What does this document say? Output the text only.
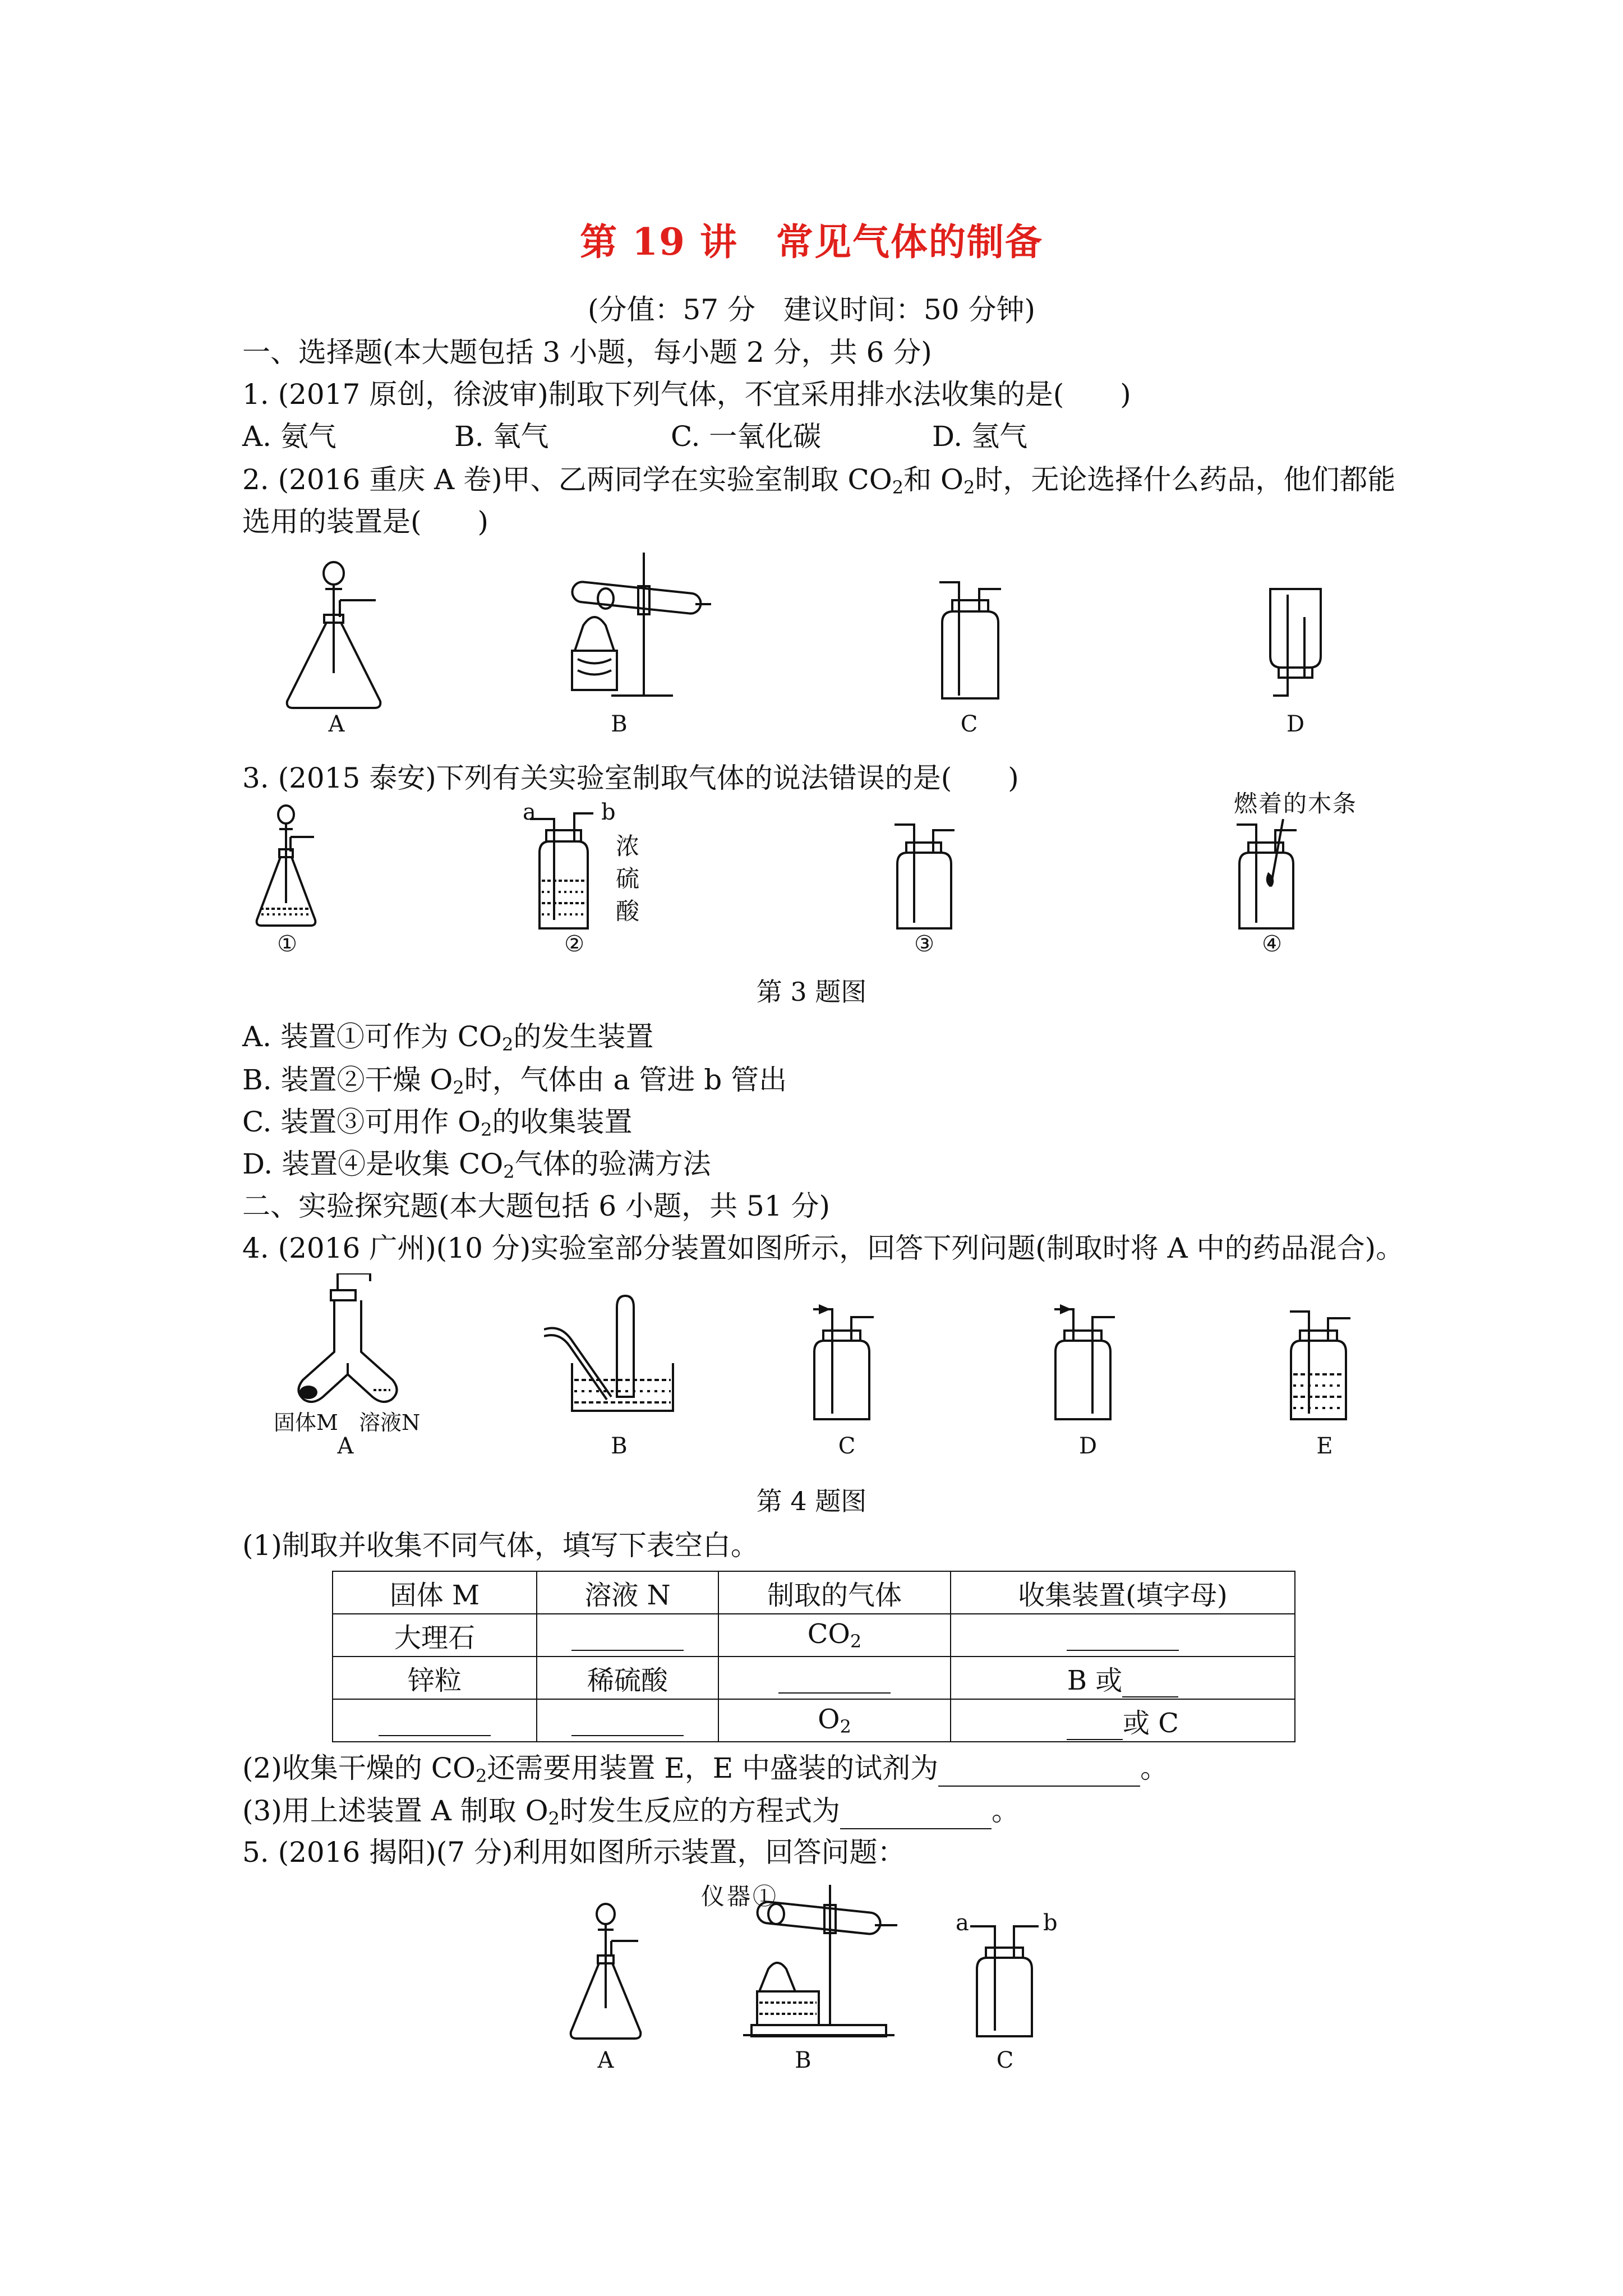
第 19 讲　常见气体的制备
(分值：57 分　建议时间：50 分钟)
一、选择题(本大题包括 3 小题，每小题 2 分，共 6 分)
1. (2017 原创，徐波审)制取下列气体，不宜采用排水法收集的是(　　)
A. 氨气	B. 氧气	C. 一氧化碳	D. 氢气
2. (2016 重庆 A 卷)甲、乙两同学在实验室制取 $CO_2$和 $O_2$时，无论选择什么药品，他们都能
选用的装置是(　　)
A	B	C	D
3. (2015 泰安)下列有关实验室制取气体的说法错误的是(　　)
a	b
浓
硫
酸
燃着的木条
①	②	③	④
第 3 题图
A. 装置①可作为 $CO_2$的发生装置
B. 装置②干燥 $O_2$时，气体由 a 管进 b 管出
C. 装置③可用作 $O_2$的收集装置
D. 装置④是收集 $CO_2$气体的验满方法
二、实验探究题(本大题包括 6 小题，共 51 分)
4. (2016 广州)(10 分)实验室部分装置如图所示，回答下列问题(制取时将 A 中的药品混合)。
固体M 溶液N
A	B	C	D	E
第 4 题图
(1)制取并收集不同气体，填写下表空白。
固体 M	溶液 N	制取的气体	收集装置(填字母)
大理石		$CO_2$	
锌粒	稀硫酸		B 或
		$O_2$	或 C
(2)收集干燥的 $CO_2$还需要用装置 E，E 中盛装的试剂为	。
(3)用上述装置 A 制取 $O_2$时发生反应的方程式为	。
5. (2016 揭阳)(7 分)利用如图所示装置，回答问题：
仪器①
a	b
A	B	C
